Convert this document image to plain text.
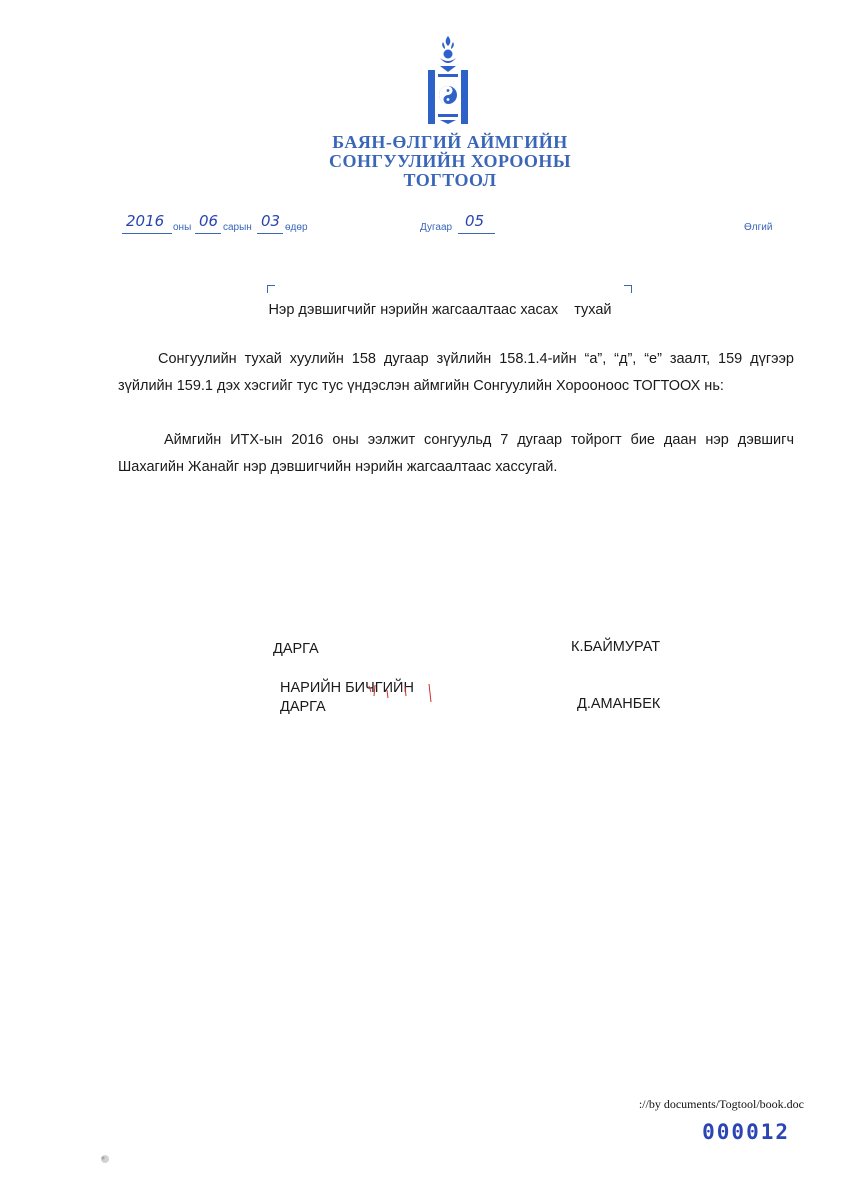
БАЯН-ӨЛГИЙ АЙМГИЙН
СОНГУУЛИЙН ХОРООНЫ
ТОГТООЛ
2016 оны 06 сарын 03 өдөр	Дугаар 05	Өлгий
Нэр дэвшигчийг нэрийн жагсаалтаас хасах    тухай
Сонгуулийн тухай хуулийн 158 дугаар зүйлийн 158.1.4-ийн “а”, “д”, “е” заалт, 159 дүгээр зүйлийн 159.1 дэх хэсгийг тус тус үндэслэн аймгийн Сонгуулийн Хорооноос ТОГТООХ нь:
Аймгийн ИТХ-ын 2016 оны ээлжит сонгуульд 7 дугаар тойрогт бие даан нэр дэвшигч Шахагийн Жанайг нэр дэвшигчийн нэрийн жагсаалтаас хассугай.
ДАРГА	К.БАЙМУРАТ
НАРИЙН БИЧГИЙН
ДАРГА	Д.АМАНБЕК
://by documents/Togtool/book.doc
000012
